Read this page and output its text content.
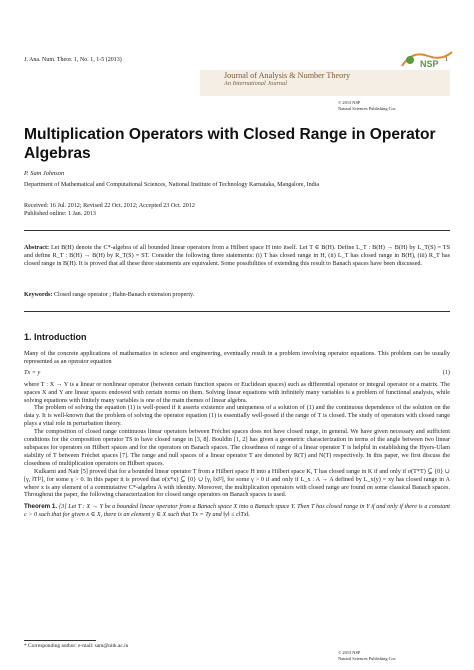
J. Ana. Num. Theor. 1, No. 1, 1-5 (2013)	1
NSP
Journal of Analysis & Number Theory
An International Journal
© 2013 NSP
Natural Sciences Publishing Cor.
Multiplication Operators with Closed Range in Operator Algebras
P. Sam Johnson
Department of Mathematical and Computational Sciences, National Institute of Technology Karnataka, Mangalore, India
Received: 16 Jul. 2012; Revised 22 Oct. 2012; Accepted 23 Oct. 2012
Published online: 1 Jan. 2013
Abstract: Let B(H) denote the C*-algebra of all bounded linear operators from a Hilbert space H into itself. Let T ∈ B(H). Define L_T : B(H) → B(H) by L_T(S) = TS and define R_T : B(H) → B(H) by R_T(S) = ST. Consider the following three statements: (i) T has closed range in H, (ii) L_T has closed range in B(H), (iii) R_T has closed range in B(H). It is proved that all these three statements are equivalent. Some possibilities of extending this result to Banach spaces have been discussed.
Keywords: Closed range operator ; Hahn-Banach extension property.
1. Introduction

Many of the concrete applications of mathematics in science and engineering, eventually result in a problem involving operator equations. This problem can be usually represented as an operator equation

Tx = y	(1)

where T : X → Y is a linear or nonlinear operator (between certain function spaces or Euclidean spaces) such as differential operator or integral operator or a matrix. The spaces X and Y are linear spaces endowed with certain norms on them. Solving linear equations with infinitely many variables is a problem of functional analysis, while solving equations with finitely many variables is one of the main themes of linear algebra.

The problem of solving the equation (1) is well-posed if it asserts existence and uniqueness of a solution of (1) and the continuous dependence of the solution on the data y. It is well-known that the problem of solving the operator equation (1) is essentially well-posed if the range of T is closed. The study of operators with closed range plays a vital role in perturbation theory.

The composition of closed range continuous linear operators between Fréchet spaces does not have closed range, in general. We have given necessary and sufficient conditions for the composition operator TS to have closed range in [3, 8]. Bouldin [1, 2] has given a geometric characterization in terms of the angle between two linear subspaces for operators on Hilbert spaces and for the operators on Banach spaces. The closedness of range of a linear operator T is helpful in establishing the Hyers-Ulam stability of T between Fréchet spaces [7]. The range and null spaces of a linear operator T are denoted by R(T) and N(T) respectively. In this paper, we first discuss the closedness of multiplication operators on Hilbert spaces.

Kulkarni and Nair [5] proved that for a bounded linear operator T from a Hilbert space H into a Hilbert space K, T has closed range in K if and only if σ(T*T) ⊆ {0} ∪ [γ, ‖T‖²], for some γ > 0. In this paper it is proved that σ(x*x) ⊆ {0} ∪ [γ, ‖x‖²], for some γ > 0 if and only if L_x : A → A defined by L_x(y) = xy has closed range in A where x is any element of a commutative C*-algebra A with identity. Moreover, the multiplication operators with closed range are found on some classical Banach spaces. Throughout the paper, the following characterization for closed range operators on Banach spaces is used.

Theorem 1. [3] Let T : X → Y be a bounded linear operator from a Banach space X into a Banach space Y. Then T has closed range in Y if and only if there is a constant c > 0 such that for given x ∈ X, there is an element y ∈ X such that Tx = Ty and ‖y‖ ≤ c‖Tx‖.

* Corresponding author: e-mail: sam@nitk.ac.in
© 2013 NSP
Natural Sciences Publishing Cor.
